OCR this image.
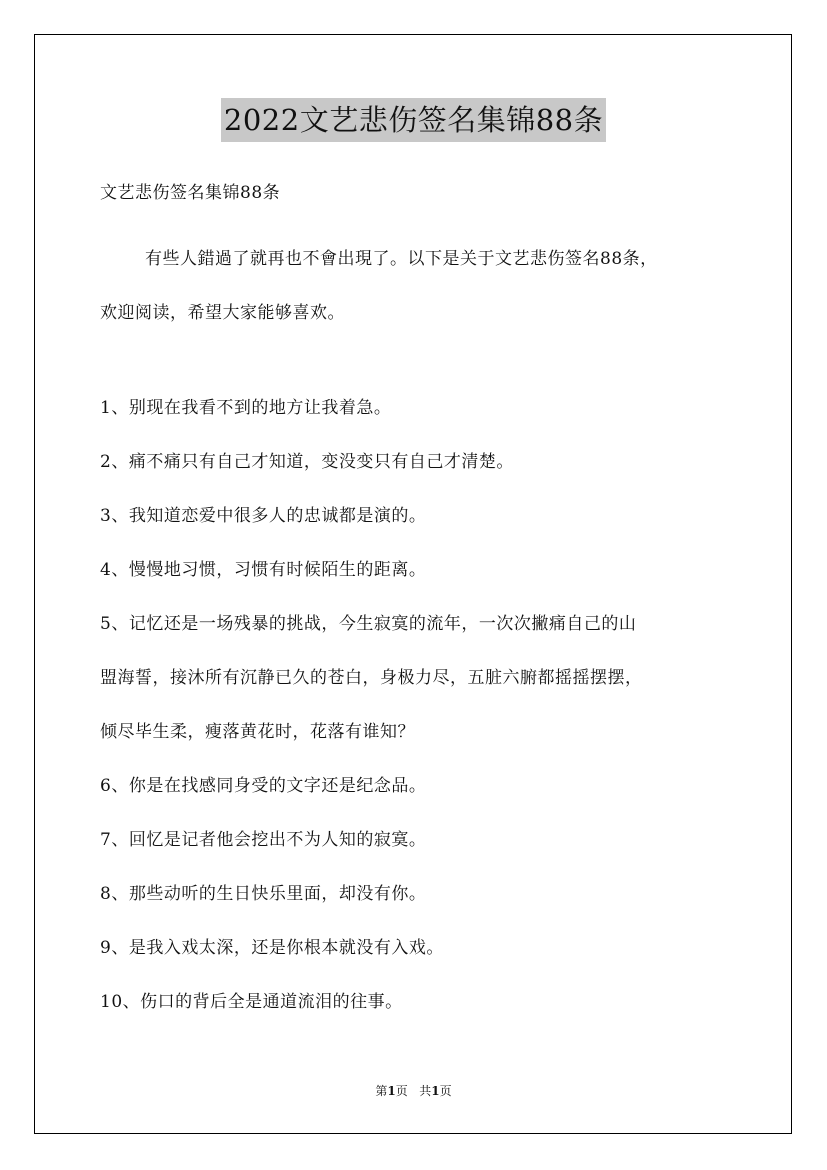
2022文艺悲伤签名集锦88条
文艺悲伤签名集锦88条
有些人錯過了就再也不會出現了。以下是关于文艺悲伤签名88条，
欢迎阅读，希望大家能够喜欢。
1、别现在我看不到的地方让我着急。
2、痛不痛只有自己才知道，变没变只有自己才清楚。
3、我知道恋爱中很多人的忠诚都是演的。
4、慢慢地习惯，习惯有时候陌生的距离。
5、记忆还是一场残暴的挑战，今生寂寞的流年，一次次撇痛自己的山
盟海誓，接沐所有沉静已久的苍白，身极力尽，五脏六腑都摇摇摆摆，
倾尽毕生柔，瘦落黄花时，花落有谁知？
6、你是在找感同身受的文字还是纪念品。
7、回忆是记者他会挖出不为人知的寂寞。
8、那些动听的生日快乐里面，却没有你。
9、是我入戏太深，还是你根本就没有入戏。
10、伤口的背后全是通道流泪的往事。
第1页 共1页
